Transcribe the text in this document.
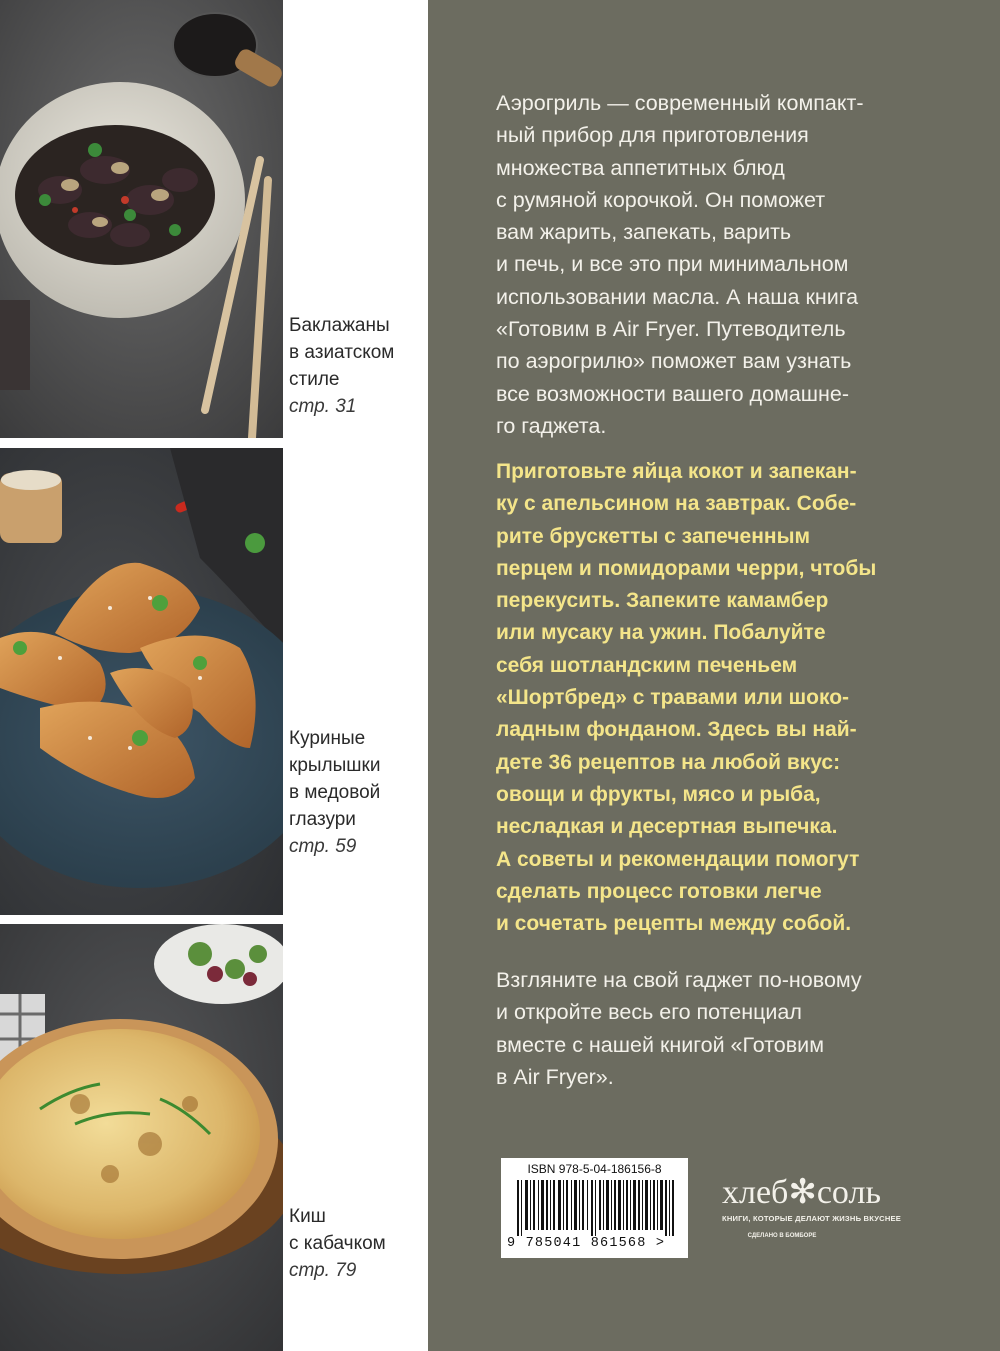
Баклажаны
в азиатском
стиле
стр. 31
Куриные
крылышки
в медовой
глазури
стр. 59
Киш
с кабачком
стр. 79
Аэрогриль — современный компакт-
ный прибор для приготовления
множества аппетитных блюд
с румяной корочкой. Он поможет
вам жарить, запекать, варить
и печь, и все это при минимальном
использовании масла. А наша книга
«Готовим в Air Fryer. Путеводитель
по аэрогрилю» поможет вам узнать
все возможности вашего домашне-
го гаджета.
Приготовьте яйца кокот и запекан-
ку с апельсином на завтрак. Собе-
рите брускетты с запеченным
перцем и помидорами черри, чтобы
перекусить. Запеките камамбер
или мусаку на ужин. Побалуйте
себя шотландским печеньем
«Шортбред» с травами или шоко-
ладным фонданом. Здесь вы най-
дете 36 рецептов на любой вкус:
овощи и фрукты, мясо и рыба,
несладкая и десертная выпечка.
А советы и рекомендации помогут
сделать процесс готовки легче
и сочетать рецепты между собой.
Взгляните на свой гаджет по-новому
и откройте весь его потенциал
вместе с нашей книгой «Готовим
в Air Fryer».
ISBN 978-5-04-186156-8
9 785041 861568 >
хлеб✻соль
КНИГИ, КОТОРЫЕ ДЕЛАЮТ ЖИЗНЬ ВКУСНЕЕ
СДЕЛАНО В БОМБОРЕ
